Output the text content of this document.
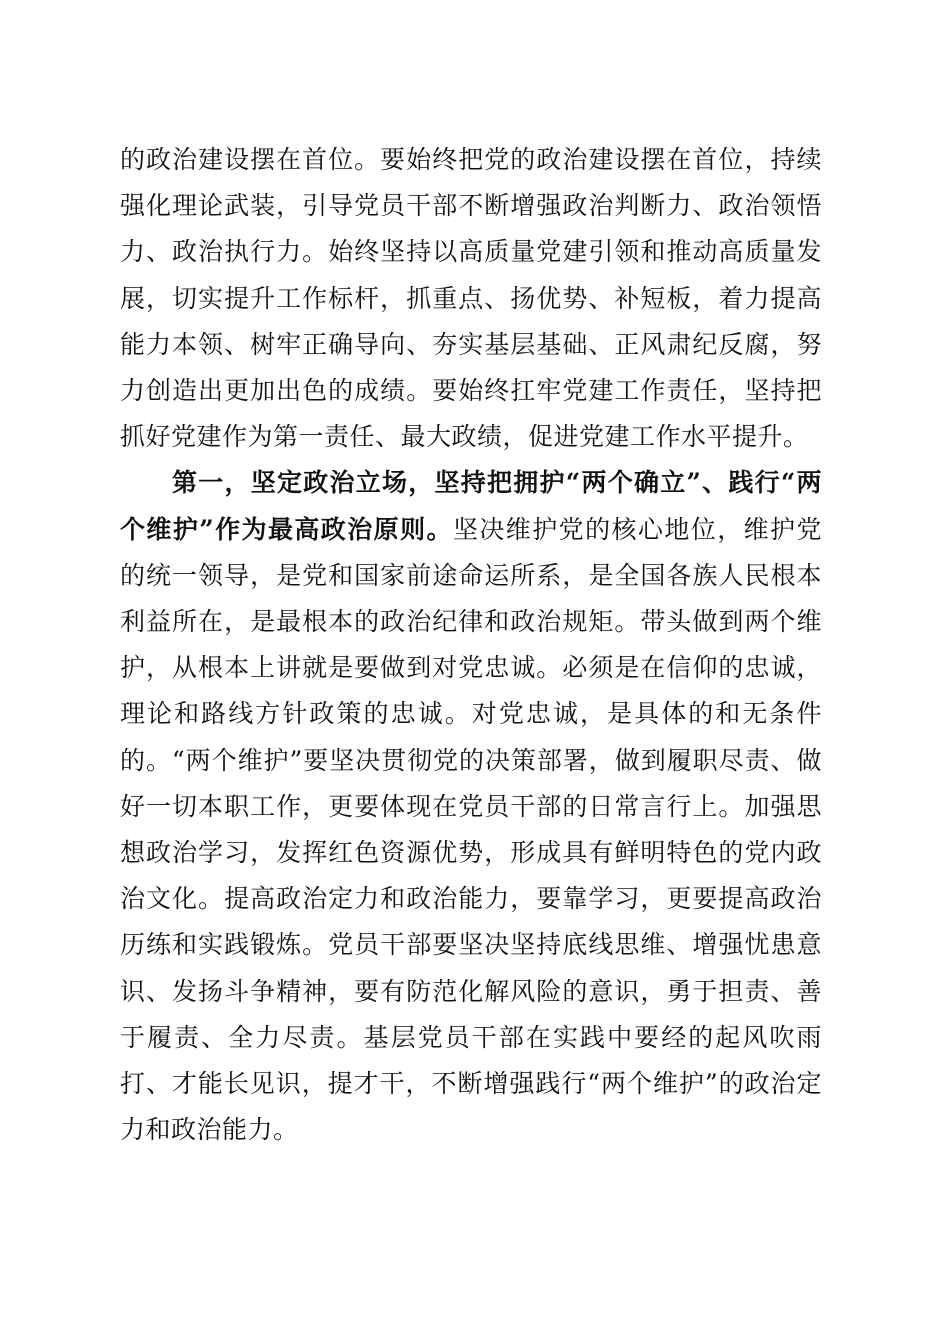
的政治建设摆在首位。要始终把党的政治建设摆在首位，持续强化理论武装，引导党员干部不断增强政治判断力、政治领悟力、政治执行力。始终坚持以高质量党建引领和推动高质量发展，切实提升工作标杆，抓重点、扬优势、补短板，着力提高能力本领、树牢正确导向、夯实基层基础、正风肃纪反腐，努力创造出更加出色的成绩。要始终扛牢党建工作责任，坚持把抓好党建作为第一责任、最大政绩，促进党建工作水平提升。

第一，坚定政治立场，坚持把拥护“两个确立”、践行“两个维护”作为最高政治原则。坚决维护党的核心地位，维护党的统一领导，是党和国家前途命运所系，是全国各族人民根本利益所在，是最根本的政治纪律和政治规矩。带头做到两个维护，从根本上讲就是要做到对党忠诚。必须是在信仰的忠诚，理论和路线方针政策的忠诚。对党忠诚，是具体的和无条件的。“两个维护”要坚决贯彻党的决策部署，做到履职尽责、做好一切本职工作，更要体现在党员干部的日常言行上。加强思想政治学习，发挥红色资源优势，形成具有鲜明特色的党内政治文化。提高政治定力和政治能力，要靠学习，更要提高政治历练和实践锻炼。党员干部要坚决坚持底线思维、增强忧患意识、发扬斗争精神，要有防范化解风险的意识，勇于担责、善于履责、全力尽责。基层党员干部在实践中要经的起风吹雨打、才能长见识，提才干，不断增强践行“两个维护”的政治定力和政治能力。
